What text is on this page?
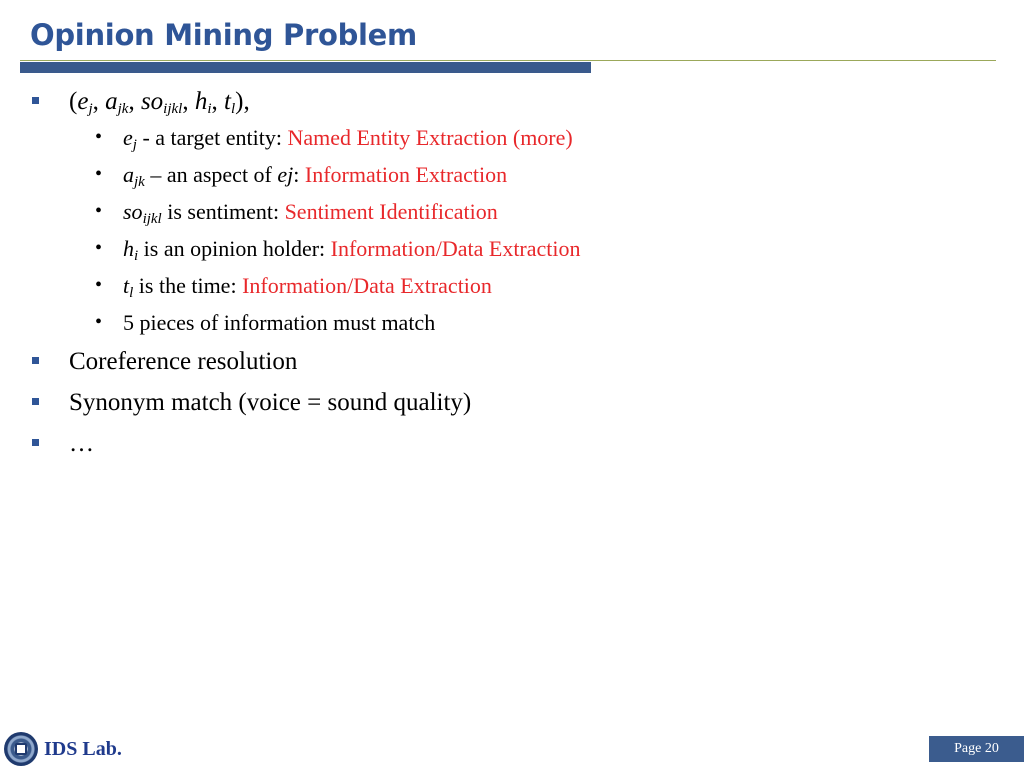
Opinion Mining Problem
($e_j$, $a_{jk}$, $so_{ijkl}$, $h_i$, $t_l$),
• $e_j$ - a target entity: Named Entity Extraction (more)
• $a_{jk}$ – an aspect of ej: Information Extraction
• $so_{ijkl}$ is sentiment: Sentiment Identification
• $h_i$ is an opinion holder: Information/Data Extraction
• $t_l$ is the time: Information/Data Extraction
• 5 pieces of information must match
Coreference resolution
Synonym match (voice = sound quality)
…
IDS Lab.	Page 20
